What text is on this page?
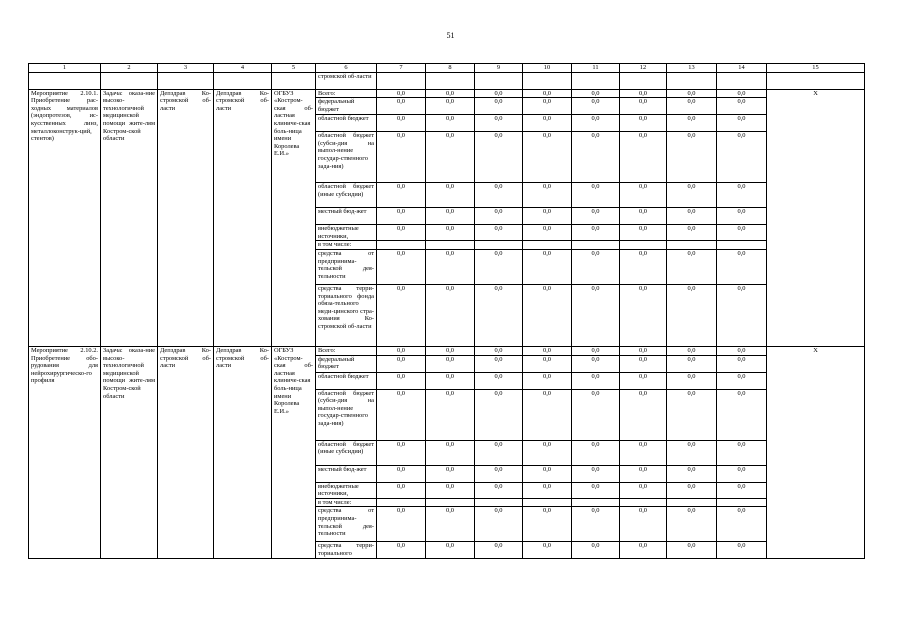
51
1	2	3	4	5	6	7	8	9	10	11	12	13	14	15
					стромской об-ласти									
Мероприятие 2.10.1. Приобретение рас-ходных материалов (эндопротезов, ис-кусственных линз, металлоконструк-ций, стентов)	Задача: оказа-ние высоко-технологичной медицинской помощи жите-лям Костром-ской области	Депздрав Ко-стромской об-ласти	Депздрав Ко-стромской об-ласти	ОГБУЗ «Костром-ская об-ластная клиниче-ская боль-ница имени Королева Е.И.»	Всего:	0,0	0,0	0,0	0,0	0,0	0,0	0,0	0,0	Х
					федеральный бюджет	0,0	0,0	0,0	0,0	0,0	0,0	0,0	0,0	
					областной бюджет	0,0	0,0	0,0	0,0	0,0	0,0	0,0	0,0	
					областной бюджет (субси-дия на выпол-нение государ-ственного зада-ния)	0,0	0,0	0,0	0,0	0,0	0,0	0,0	0,0	
					областной бюджет (иные субсидии)	0,0	0,0	0,0	0,0	0,0	0,0	0,0	0,0	
					местный бюд-жет	0,0	0,0	0,0	0,0	0,0	0,0	0,0	0,0	
					внебюджетные источники,	0,0	0,0	0,0	0,0	0,0	0,0	0,0	0,0	
					в том числе:									
					средства от предпринима-тельской дея-тельности	0,0	0,0	0,0	0,0	0,0	0,0	0,0	0,0	
					средства терри-ториального фонда обяза-тельного меди-цинского стра-хования Ко-стромской об-ласти	0,0	0,0	0,0	0,0	0,0	0,0	0,0	0,0	
Мероприятие 2.10.2. Приобретение обо-рудования для нейрохирургическо-го профиля	Задача: оказа-ние высоко-технологичной медицинской помощи жите-лям Костром-ской области	Депздрав Ко-стромской об-ласти	Депздрав Ко-стромской об-ласти	ОГБУЗ «Костром-ская об-ластная клиниче-ская боль-ница имени Королева Е.И.»	Всего:	0,0	0,0	0,0	0,0	0,0	0,0	0,0	0,0	Х
					федеральный бюджет	0,0	0,0	0,0	0,0	0,0	0,0	0,0	0,0	
					областной бюджет	0,0	0,0	0,0	0,0	0,0	0,0	0,0	0,0	
					областной бюджет (субси-дия на выпол-нение государ-ственного зада-ния)	0,0	0,0	0,0	0,0	0,0	0,0	0,0	0,0	
					областной бюджет (иные субсидии)	0,0	0,0	0,0	0,0	0,0	0,0	0,0	0,0	
					местный бюд-жет	0,0	0,0	0,0	0,0	0,0	0,0	0,0	0,0	
					внебюджетные источники,	0,0	0,0	0,0	0,0	0,0	0,0	0,0	0,0	
					в том числе:									
					средства от предпринима-тельской дея-тельности	0,0	0,0	0,0	0,0	0,0	0,0	0,0	0,0	
					средства терри-ториального	0,0	0,0	0,0	0,0	0,0	0,0	0,0	0,0	
